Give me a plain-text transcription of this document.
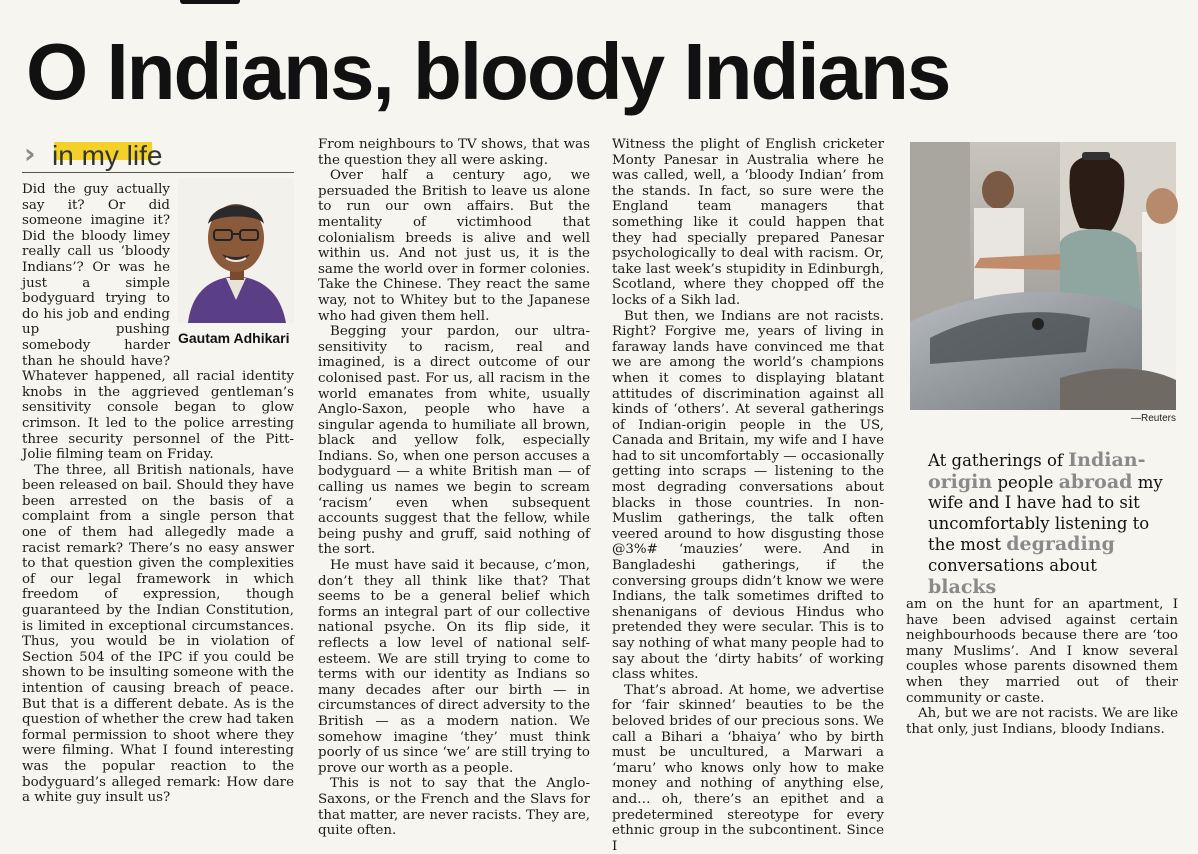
O Indians, bloody Indians
› in my life

Did the guy actually say it? Or did someone imagine it? Did the bloody limey really call us ‘bloody Indians’? Or was he just a simple bodyguard trying to do his job and ending up pushing somebody harder than he should have? Whatever happened, all racial identity knobs in the aggrieved gentleman’s sensitivity console began to glow crimson. It led to the police arresting three security personnel of the Pitt-Jolie filming team on Friday.

The three, all British nationals, have been released on bail. Should they have been arrested on the basis of a complaint from a single person that one of them had allegedly made a racist remark? There’s no easy answer to that question given the complexities of our legal framework in which freedom of expression, though guaranteed by the Indian Constitution, is limited in exceptional circumstances. Thus, you would be in violation of Section 504 of the IPC if you could be shown to be insulting someone with the intention of causing breach of peace. But that is a different debate. As is the question of whether the crew had taken formal permission to shoot where they were filming. What I found interesting was the popular reaction to the bodyguard’s alleged remark: How dare a white guy insult us?

Gautam Adhikari

From neighbours to TV shows, that was the question they all were asking.

Over half a century ago, we persuaded the British to leave us alone to run our own affairs. But the mentality of victimhood that colonialism breeds is alive and well within us. And not just us, it is the same the world over in former colonies. Take the Chinese. They react the same way, not to Whitey but to the Japanese who had given them hell.

Begging your pardon, our ultra-sensitivity to racism, real and imagined, is a direct outcome of our colonised past. For us, all racism in the world emanates from white, usually Anglo-Saxon, people who have a singular agenda to humiliate all brown, black and yellow folk, especially Indians. So, when one person accuses a bodyguard — a white British man — of calling us names we begin to scream ‘racism’ even when subsequent accounts suggest that the fellow, while being pushy and gruff, said nothing of the sort.

He must have said it because, c’mon, don’t they all think like that? That seems to be a general belief which forms an integral part of our collective national psyche. On its flip side, it reflects a low level of national self-esteem. We are still trying to come to terms with our identity as Indians so many decades after our birth — in circumstances of direct adversity to the British — as a modern nation. We somehow imagine ‘they’ must think poorly of us since ‘we’ are still trying to prove our worth as a people.

This is not to say that the Anglo-Saxons, or the French and the Slavs for that matter, are never racists. They are, quite often.

Witness the plight of English cricketer Monty Panesar in Australia where he was called, well, a ‘bloody Indian’ from the stands. In fact, so sure were the England team managers that something like it could happen that they had specially prepared Panesar psychologically to deal with racism. Or, take last week’s stupidity in Edinburgh, Scotland, where they chopped off the locks of a Sikh lad.

But then, we Indians are not racists. Right? Forgive me, years of living in faraway lands have convinced me that we are among the world’s champions when it comes to displaying blatant attitudes of discrimination against all kinds of ‘others’. At several gatherings of Indian-origin people in the US, Canada and Britain, my wife and I have had to sit uncomfortably — occasionally getting into scraps — listening to the most degrading conversations about blacks in those countries. In non-Muslim gatherings, the talk often veered around to how disgusting those @3%# ‘mauzies’ were. And in Bangladeshi gatherings, if the conversing groups didn’t know we were Indians, the talk sometimes drifted to shenanigans of devious Hindus who pretended they were secular. This is to say nothing of what many people had to say about the ‘dirty habits’ of working class whites.

That’s abroad. At home, we advertise for ‘fair skinned’ beauties to be the beloved brides of our precious sons. We call a Bihari a ‘bhaiya’ who by birth must be uncultured, a Marwari a ‘maru’ who knows only how to make money and nothing of anything else, and… oh, there’s an epithet and a predetermined stereotype for every ethnic group in the subcontinent. Since I

—Reuters
At gatherings of Indian-origin people abroad my wife and I have had to sit uncomfortably listening to the most degrading conversations about blacks

am on the hunt for an apartment, I have been advised against certain neighbourhoods because there are ‘too many Muslims’. And I know several couples whose parents disowned them when they married out of their community or caste.

Ah, but we are not racists. We are like that only, just Indians, bloody Indians.
